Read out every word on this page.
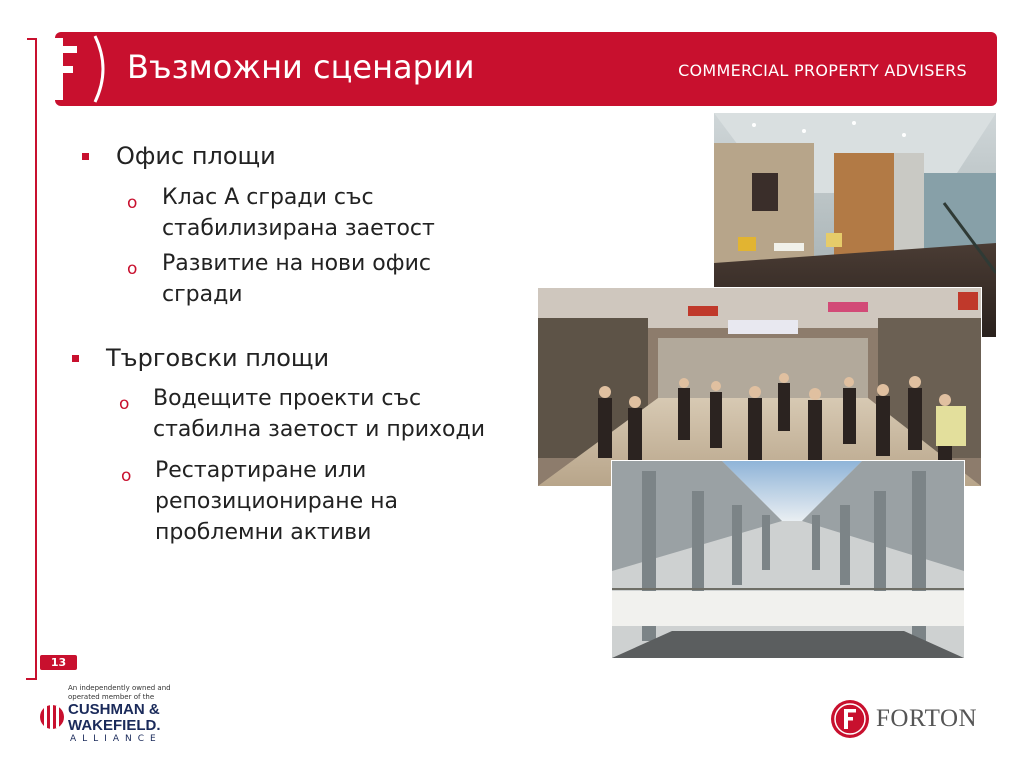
Възможни сценарии	COMMERCIAL PROPERTY ADVISERS
Офис площи
o Клас А сгради със
стабилизирана заетост
o Развитие на нови офис
сгради
Търговски площи
o Водещите проекти със
стабилна заетост и приходи
o Рестартиране или
репозициониране на
проблемни активи
13
An independently owned and operated member of the
CUSHMAN &
WAKEFIELD.
ALLIANCE
FORTON
